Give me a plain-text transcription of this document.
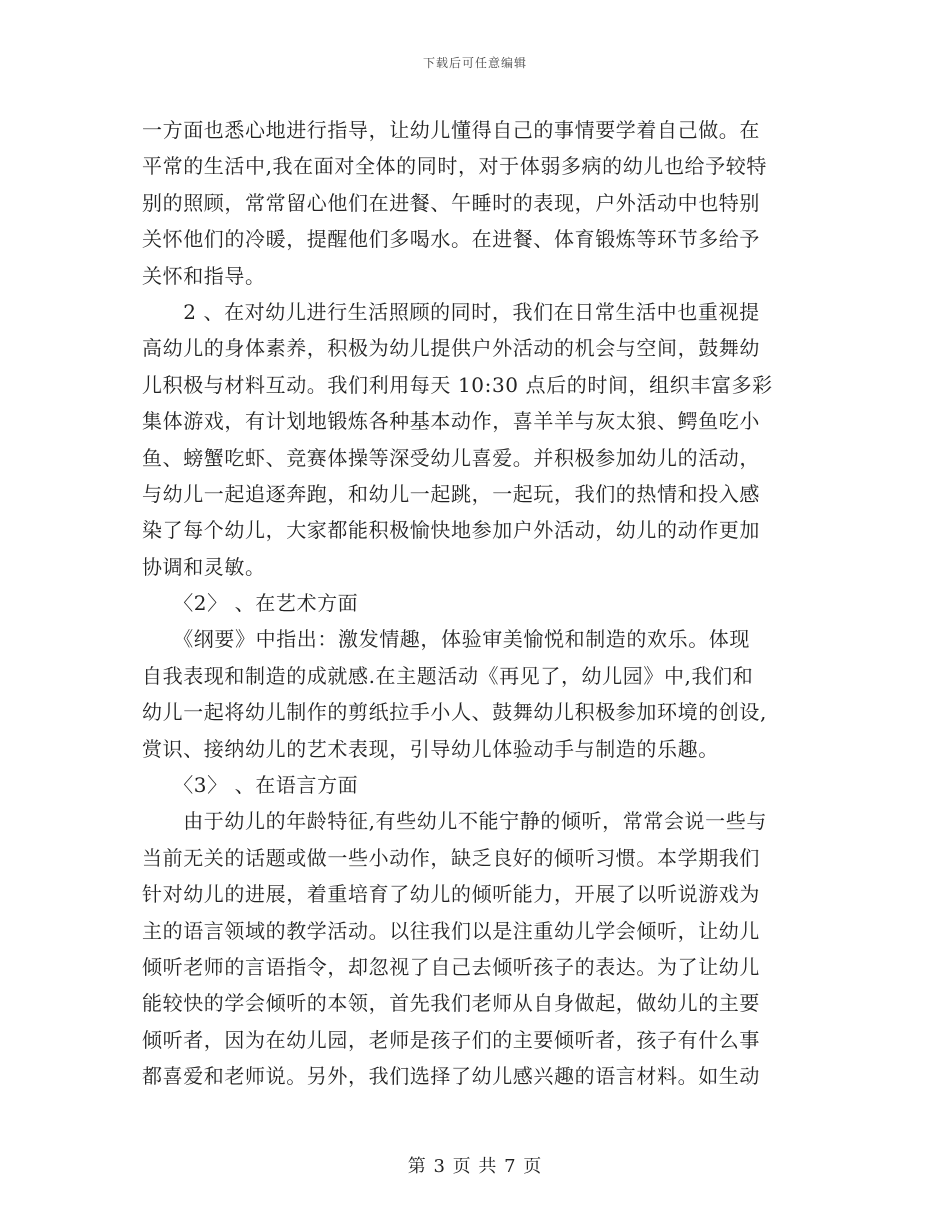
下载后可任意编辑
一方面也悉心地进行指导，让幼儿懂得自己的事情要学着自己做。在
平常的生活中,我在面对全体的同时，对于体弱多病的幼儿也给予较特
别的照顾，常常留心他们在进餐、午睡时的表现，户外活动中也特别
关怀他们的冷暖，提醒他们多喝水。在进餐、体育锻炼等环节多给予
关怀和指导。
　　2 、在对幼儿进行生活照顾的同时，我们在日常生活中也重视提
高幼儿的身体素养，积极为幼儿提供户外活动的机会与空间，鼓舞幼
儿积极与材料互动。我们利用每天 10:30 点后的时间，组织丰富多彩
集体游戏，有计划地锻炼各种基本动作，喜羊羊与灰太狼、鳄鱼吃小
鱼、螃蟹吃虾、竞赛体操等深受幼儿喜爱。并积极参加幼儿的活动，
与幼儿一起追逐奔跑，和幼儿一起跳，一起玩，我们的热情和投入感
染了每个幼儿，大家都能积极愉快地参加户外活动，幼儿的动作更加
协调和灵敏。
　　〈2〉 、在艺术方面
　　《纲要》中指出：激发情趣，体验审美愉悦和制造的欢乐。体现
自我表现和制造的成就感.在主题活动《再见了，幼儿园》中,我们和
幼儿一起将幼儿制作的剪纸拉手小人、鼓舞幼儿积极参加环境的创设,
赏识、接纳幼儿的艺术表现，引导幼儿体验动手与制造的乐趣。
　　〈3〉 、在语言方面
　　由于幼儿的年龄特征,有些幼儿不能宁静的倾听，常常会说一些与
当前无关的话题或做一些小动作，缺乏良好的倾听习惯。本学期我们
针对幼儿的进展，着重培育了幼儿的倾听能力，开展了以听说游戏为
主的语言领域的教学活动。以往我们以是注重幼儿学会倾听，让幼儿
倾听老师的言语指令，却忽视了自己去倾听孩子的表达。为了让幼儿
能较快的学会倾听的本领，首先我们老师从自身做起，做幼儿的主要
倾听者，因为在幼儿园，老师是孩子们的主要倾听者，孩子有什么事
都喜爱和老师说。另外，我们选择了幼儿感兴趣的语言材料。如生动
第 3 页 共 7 页
